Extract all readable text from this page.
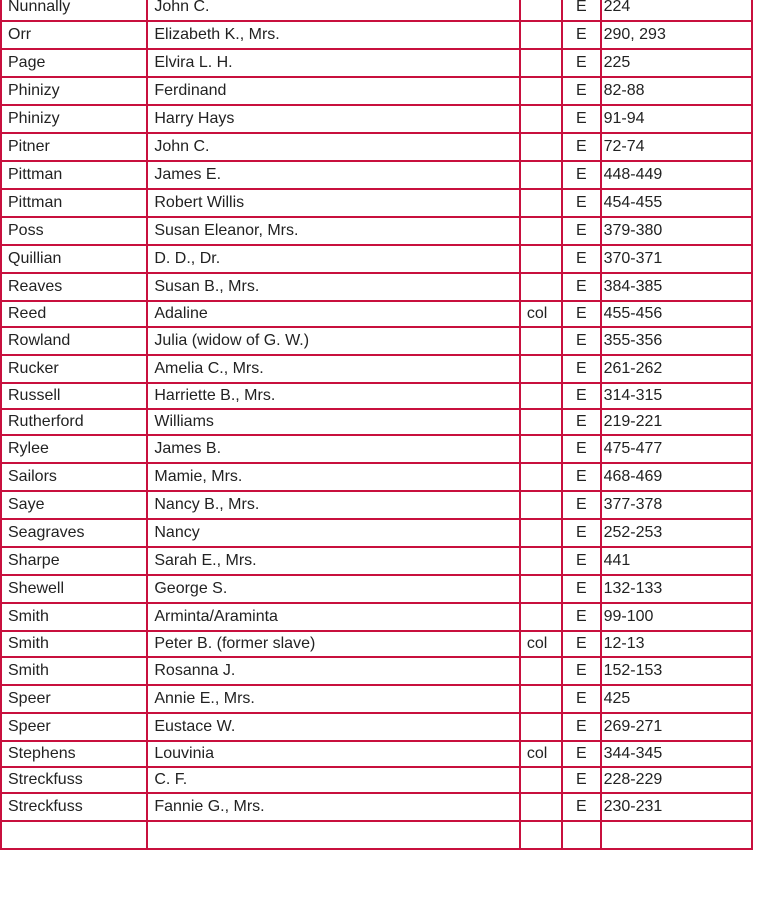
Nunnally	John C.		E	224
Orr	Elizabeth K., Mrs.		E	290, 293
Page	Elvira L. H.		E	225
Phinizy	Ferdinand		E	82-88
Phinizy	Harry Hays		E	91-94
Pitner	John C.		E	72-74
Pittman	James E.		E	448-449
Pittman	Robert Willis		E	454-455
Poss	Susan Eleanor, Mrs.		E	379-380
Quillian	D. D., Dr.		E	370-371
Reaves	Susan B., Mrs.		E	384-385
Reed	Adaline	col	E	455-456
Rowland	Julia (widow of G. W.)		E	355-356
Rucker	Amelia C., Mrs.		E	261-262
Russell	Harriette B., Mrs.		E	314-315
Rutherford	Williams		E	219-221
Rylee	James B.		E	475-477
Sailors	Mamie, Mrs.		E	468-469
Saye	Nancy B., Mrs.		E	377-378
Seagraves	Nancy		E	252-253
Sharpe	Sarah E., Mrs.		E	441
Shewell	George S.		E	132-133
Smith	Arminta/Araminta		E	99-100
Smith	Peter B. (former slave)	col	E	12-13
Smith	Rosanna J.		E	152-153
Speer	Annie E., Mrs.		E	425
Speer	Eustace W.		E	269-271
Stephens	Louvinia	col	E	344-345
Streckfuss	C. F.		E	228-229
Streckfuss	Fannie G., Mrs.		E	230-231
